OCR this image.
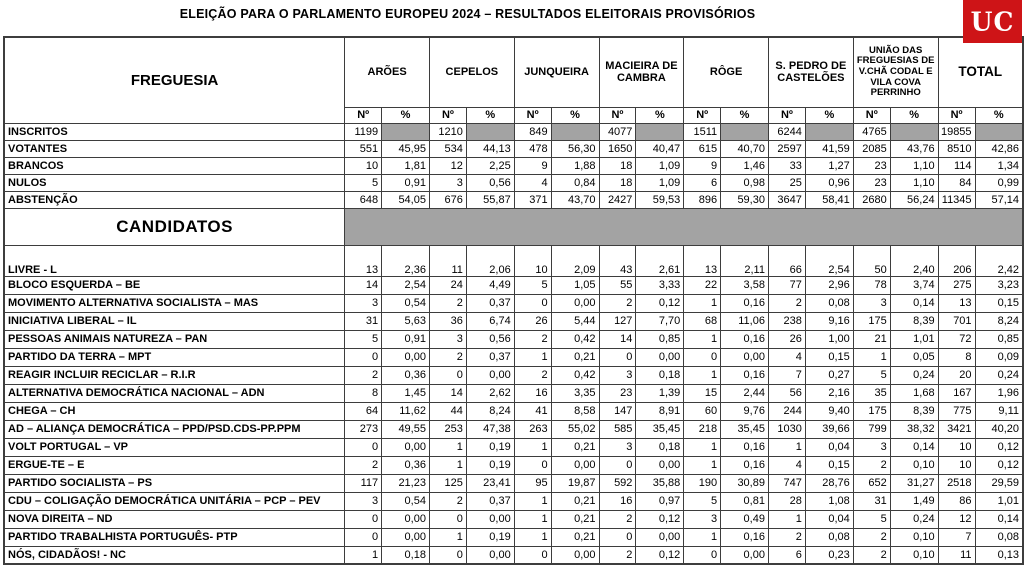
ELEIÇÃO PARA O PARLAMENTO EUROPEU 2024 – RESULTADOS ELEITORAIS PROVISÓRIOS	UC
FREGUESIA	ARÕES		CEPELOS		JUNQUEIRA		MACIEIRA DE CAMBRA		RÔGE		S. PEDRO DE CASTELÕES		UNIÃO DAS FREGUESIAS DE V.CHÃ CODAL E VILA COVA PERRINHO		TOTAL	
	Nº	%	Nº	%	Nº	%	Nº	%	Nº	%	Nº	%	Nº	%	Nº	%
INSCRITOS	1199		1210		849		4077		1511		6244		4765		19855	
VOTANTES	551	45,95	534	44,13	478	56,30	1650	40,47	615	40,70	2597	41,59	2085	43,76	8510	42,86
BRANCOS	10	1,81	12	2,25	9	1,88	18	1,09	9	1,46	33	1,27	23	1,10	114	1,34
NULOS	5	0,91	3	0,56	4	0,84	18	1,09	6	0,98	25	0,96	23	1,10	84	0,99
ABSTENÇÃO	648	54,05	676	55,87	371	43,70	2427	59,53	896	59,30	3647	58,41	2680	56,24	11345	57,14
CANDIDATOS																
LIVRE - L	13	2,36	11	2,06	10	2,09	43	2,61	13	2,11	66	2,54	50	2,40	206	2,42
BLOCO ESQUERDA – BE	14	2,54	24	4,49	5	1,05	55	3,33	22	3,58	77	2,96	78	3,74	275	3,23
MOVIMENTO ALTERNATIVA SOCIALISTA – MAS	3	0,54	2	0,37	0	0,00	2	0,12	1	0,16	2	0,08	3	0,14	13	0,15
INICIATIVA LIBERAL – IL	31	5,63	36	6,74	26	5,44	127	7,70	68	11,06	238	9,16	175	8,39	701	8,24
PESSOAS ANIMAIS NATUREZA – PAN	5	0,91	3	0,56	2	0,42	14	0,85	1	0,16	26	1,00	21	1,01	72	0,85
PARTIDO DA TERRA – MPT	0	0,00	2	0,37	1	0,21	0	0,00	0	0,00	4	0,15	1	0,05	8	0,09
REAGIR INCLUIR RECICLAR – R.I.R	2	0,36	0	0,00	2	0,42	3	0,18	1	0,16	7	0,27	5	0,24	20	0,24
ALTERNATIVA DEMOCRÁTICA NACIONAL – ADN	8	1,45	14	2,62	16	3,35	23	1,39	15	2,44	56	2,16	35	1,68	167	1,96
CHEGA – CH	64	11,62	44	8,24	41	8,58	147	8,91	60	9,76	244	9,40	175	8,39	775	9,11
AD – ALIANÇA DEMOCRÁTICA – PPD/PSD.CDS-PP.PPM	273	49,55	253	47,38	263	55,02	585	35,45	218	35,45	1030	39,66	799	38,32	3421	40,20
VOLT PORTUGAL – VP	0	0,00	1	0,19	1	0,21	3	0,18	1	0,16	1	0,04	3	0,14	10	0,12
ERGUE-TE – E	2	0,36	1	0,19	0	0,00	0	0,00	1	0,16	4	0,15	2	0,10	10	0,12
PARTIDO SOCIALISTA – PS	117	21,23	125	23,41	95	19,87	592	35,88	190	30,89	747	28,76	652	31,27	2518	29,59
CDU – COLIGAÇÃO DEMOCRÁTICA UNITÁRIA – PCP – PEV	3	0,54	2	0,37	1	0,21	16	0,97	5	0,81	28	1,08	31	1,49	86	1,01
NOVA DIREITA – ND	0	0,00	0	0,00	1	0,21	2	0,12	3	0,49	1	0,04	5	0,24	12	0,14
PARTIDO TRABALHISTA PORTUGUÊS- PTP	0	0,00	1	0,19	1	0,21	0	0,00	1	0,16	2	0,08	2	0,10	7	0,08
NÓS, CIDADÃOS! - NC	1	0,18	0	0,00	0	0,00	2	0,12	0	0,00	6	0,23	2	0,10	11	0,13
